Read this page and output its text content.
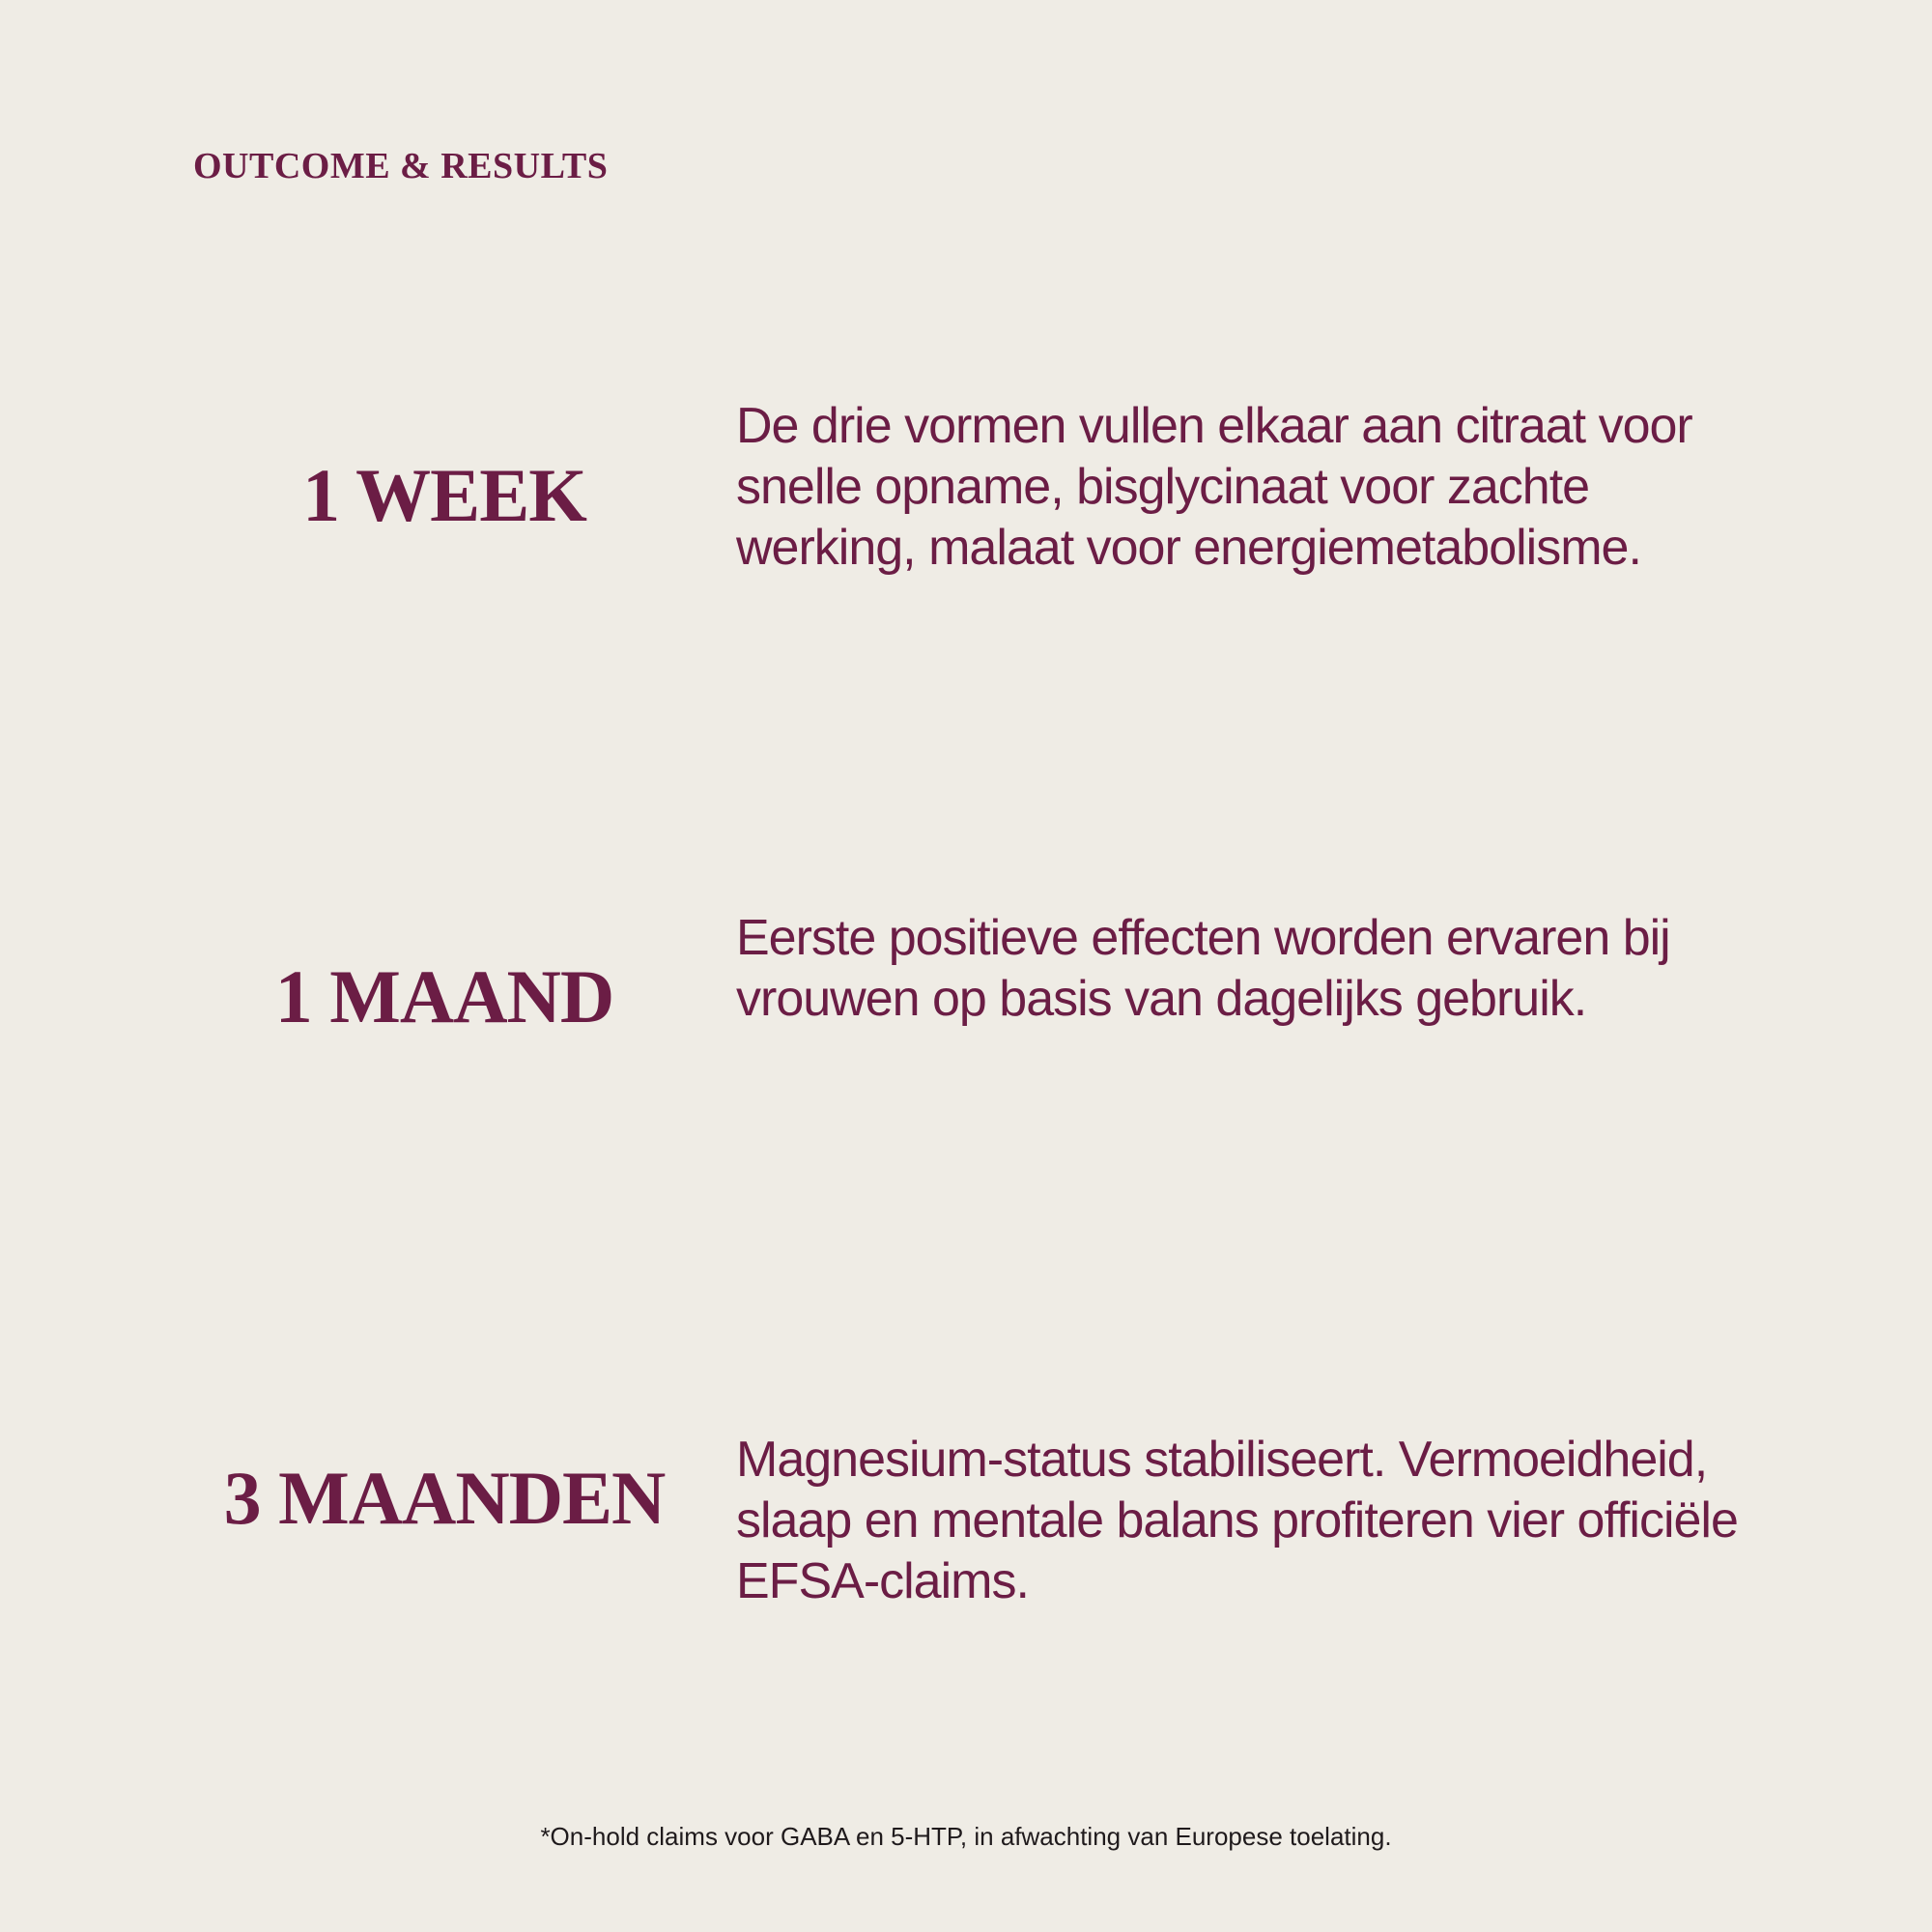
OUTCOME & RESULTS
1 WEEK

De drie vormen vullen elkaar aan citraat voor
snelle opname, bisglycinaat voor zachte
werking, malaat voor energiemetabolisme.

1 MAAND

Eerste positieve effecten worden ervaren bij
vrouwen op basis van dagelijks gebruik.

3 MAANDEN	Magnesium-status stabiliseert. Vermoeidheid,
slaap en mentale balans profiteren vier officiële
EFSA-claims.

*On-hold claims voor GABA en 5-HTP, in afwachting van Europese toelating.
